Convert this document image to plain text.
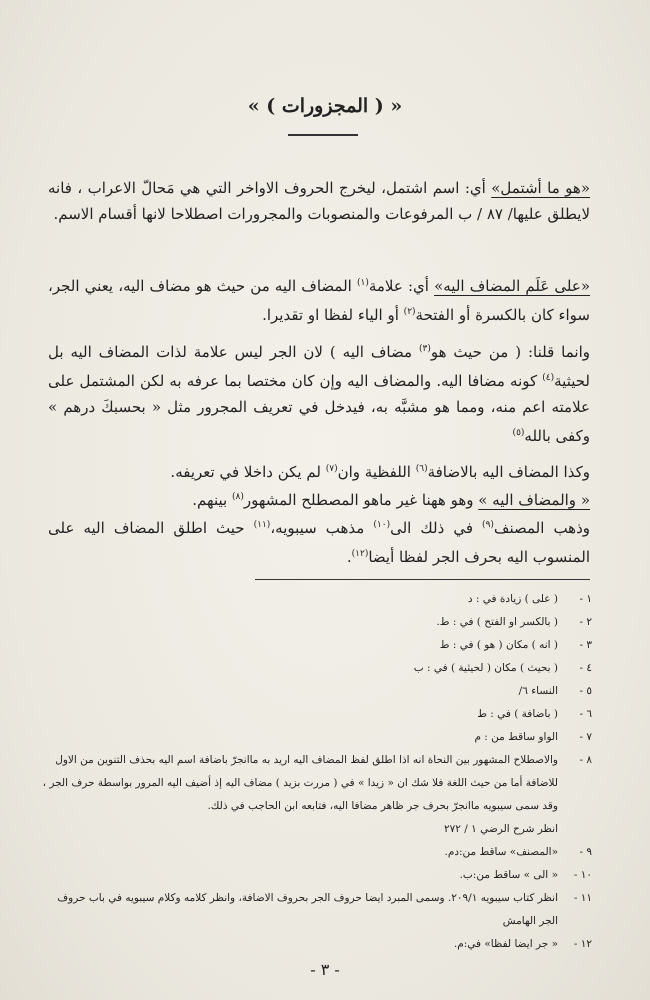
« ( المجزورات ) »

«هو ما أشتمل» أي: اسم اشتمل، ليخرج الحروف الاواخر التي هي مَحالّ الاعراب ، فانه لايطلق عليها/ ٨٧ / ب المرفوعات والمنصوبات والمجرورات اصطلاحا لانها أقسام الاسم.

«على عَلَم المضاف اليه» أي: علامة$^{(١)}$ المضاف اليه من حيث هو مضاف اليه، يعني الجر، سواء كان بالكسرة أو الفتحة$^{(٢)}$ أو الياء لفظا او تقديرا.

وانما قلنا: ( من حيث هو$^{(٣)}$ مضاف اليه ) لان الجر ليس علامة لذات المضاف اليه بل لحيثية$^{(٤)}$ كونه مضافا اليه. والمضاف اليه وإن كان مختصا بما عرفه به لكن المشتمل على علامته اعم منه، ومما هو مشبَّه به، فيدخل في تعريف المجرور مثل « بحسبكَ درهم » وكفى بالله$^{(٥)}$

وكذا المضاف اليه بالاضافة$^{(٦)}$ اللفظية وان$^{(٧)}$ لم يكن داخلا في تعريفه.

« والمضاف اليه » وهو ههنا غير ماهو المصطلح المشهور$^{(٨)}$ بينهم.

وذهب المصنف$^{(٩)}$ في ذلك الى$^{(١٠)}$ مذهب سيبويه،$^{(١١)}$ حيث اطلق المضاف اليه على المنسوب اليه بحرف الجر لفظا أيضا$^{(١٢)}$.

١ -
( على ) زيادة في : د
٢ -
( بالكسر او الفتح ) في : ط.
٣ -
( انه ) مكان ( هو ) في : ط
٤ -
( بحيث ) مكان ( لحيثية ) في : ب
٥ -
النساء ٦/
٦ -
( باضافة ) في : ط
٧ -
الواو ساقط من : م
٨ -
والاصطلاح المشهور بين النحاة انه اذا اطلق لفظ المضاف اليه اريد به ماانجرّ باضافة اسم اليه بحذف التنوين من الاول للاضافة أما من حيث اللغة فلا شك ان « زيدا » في ( مررت بزيد ) مضاف اليه إذ أضيف اليه المرور بواسطة حرف الجر ، وقد سمى سيبويه ماانجرّ بحرف جر ظاهر مضافا اليه، فتابعه ابن الحاجب في ذلك.
انظر شرح الرضي ١ / ٢٧٢
٩ -
«المصنف» ساقط من:دم.
١٠ -
« الى » ساقط من:ب.
١١ -
انظر كتاب سيبويه ٢٠٩/١. وسمى المبرد ايضا حروف الجر بحروف الاضافة، وانظر كلامه وكلام سيبويه في باب حروف الجر الهامش
١٢ -
« جر ايضا لفظا» في:م.
- ٣ -
